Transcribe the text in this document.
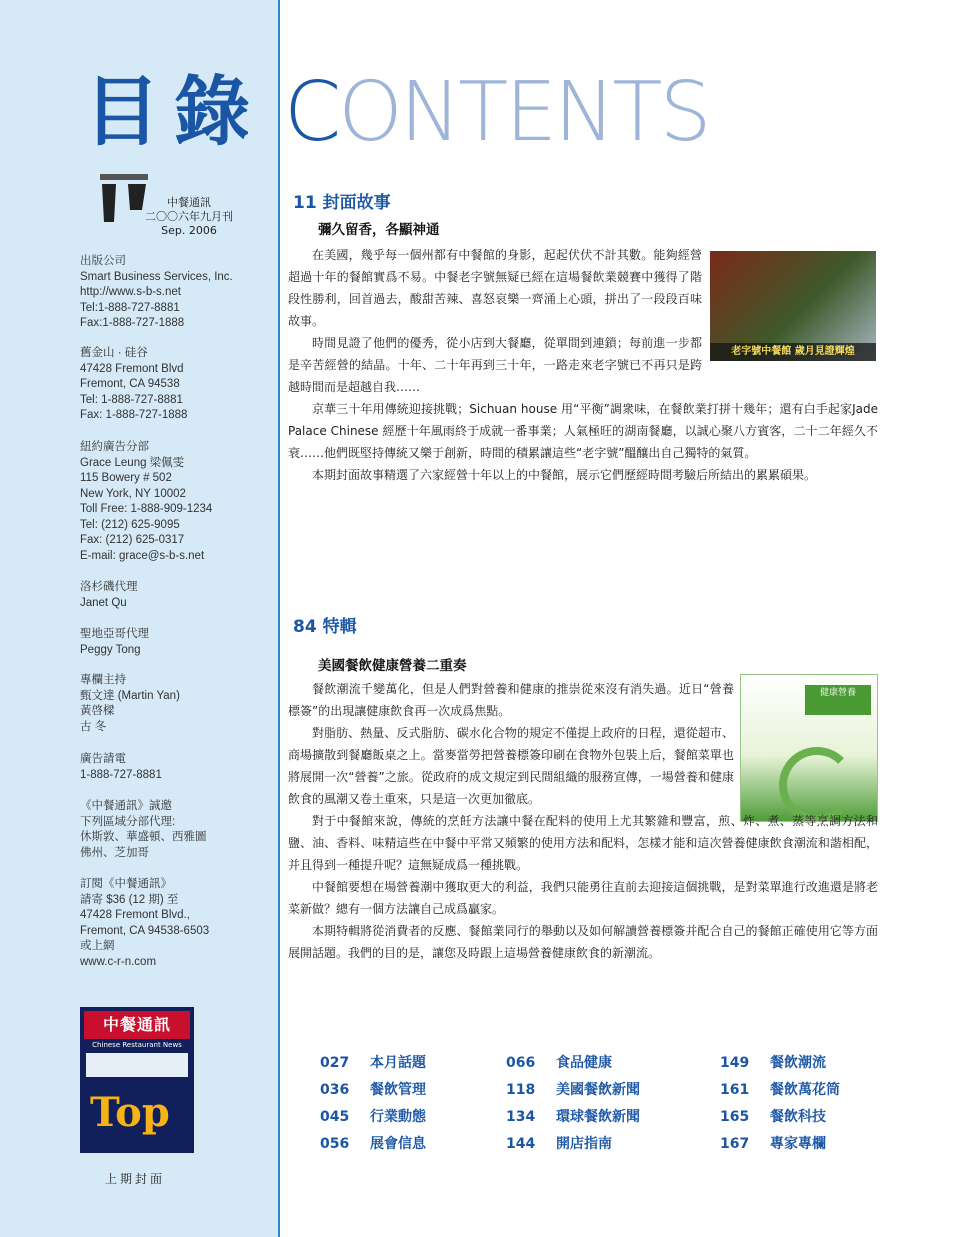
目 錄 CONTENTS
中餐通訊
二〇〇六年九月刊
Sep. 2006
出版公司
Smart Business Services, Inc.
http://www.s-b-s.net
Tel:1-888-727-8881
Fax:1-888-727-1888
舊金山 · 硅谷
47428 Fremont Blvd
Fremont, CA 94538
Tel: 1-888-727-8881
Fax: 1-888-727-1888
紐約廣告分部
Grace Leung 梁佩雯
115 Bowery # 502
New York, NY 10002
Toll Free: 1-888-909-1234
Tel: (212) 625-9095
Fax: (212) 625-0317
E-mail: grace@s-b-s.net
洛杉磯代理
Janet Qu
聖地亞哥代理
Peggy Tong
專欄主持
甄文達 (Martin Yan)
黃啓樑
古 冬
廣告請電
1-888-727-8881
《中餐通訊》誠邀
下列區域分部代理:
休斯敦、華盛頓、西雅圖
佛州、芝加哥
訂閱《中餐通訊》
請寄 $36 (12 期) 至
47428 Fremont Blvd.,
Fremont, CA 94538-6503
或上網
www.c-r-n.com
中餐通訊
Chinese Restaurant News
Top
上期封面
11 封面故事
彌久留香，各顯神通
老字號中餐館 歲月見證輝煌

在美國，幾乎每一個州都有中餐館的身影，起起伏伏不計其數。能夠經營超過十年的餐館實爲不易。中餐老字號無疑已經在這場餐飲業競賽中獲得了階段性勝利，回首過去，酸甜苦辣、喜怒哀樂一齊涌上心頭，拼出了一段段百味故事。

時間見證了他們的優秀，從小店到大餐廳，從單間到連鎖；每前進一步都是辛苦經營的結晶。十年、二十年再到三十年，一路走來老字號已不再只是跨越時間而是超越自我……

京華三十年用傳統迎接挑戰；Sichuan house 用“平衡”調衆味，在餐飲業打拼十幾年；還有白手起家Jade Palace Chinese 經歷十年風雨終于成就一番事業；人氣極旺的湖南餐廳，以誠心聚八方賓客，二十二年經久不衰……他們既堅持傳統又樂于創新，時間的積累讓這些“老字號”醞釀出自己獨特的氣質。

本期封面故事精選了六家經營十年以上的中餐館，展示它們歷經時間考驗后所結出的累累碩果。

84 特輯
美國餐飲健康營養二重奏
健康營養

餐飲潮流千變萬化，但是人們對營養和健康的推崇從來沒有消失過。近日“營養標簽”的出現讓健康飲食再一次成爲焦點。

對脂肪、熱量、反式脂肪、碳水化合物的規定不僅提上政府的日程，還從超市、商場擴散到餐廳飯桌之上。當麥當勞把營養標簽印刷在食物外包裝上后，餐館菜單也將展開一次“營養”之旅。從政府的成文規定到民間組織的服務宣傳，一場營養和健康飲食的風潮又卷土重來，只是這一次更加徹底。

對于中餐館來說，傳統的烹飪方法讓中餐在配料的使用上尤其繁雜和豐富，煎、炸、煮、蒸等烹調方法和鹽、油、香料、味精這些在中餐中平常又頻繁的使用方法和配料，怎樣才能和這次營養健康飲食潮流和諧相配，并且得到一種提升呢？這無疑成爲一種挑戰。

中餐館要想在場營養潮中獲取更大的利益，我們只能勇往直前去迎接這個挑戰，是對菜單進行改進還是將老菜新做？總有一個方法讓自己成爲贏家。

本期特輯將從消費者的反應、餐館業同行的舉動以及如何解讀營養標簽并配合自己的餐館正確使用它等方面展開話題。我們的目的是，讓您及時跟上這場營養健康飲食的新潮流。

027 本月話題
036 餐飲管理
045 行業動態
056 展會信息
066 食品健康
118 美國餐飲新聞
134 環球餐飲新聞
144 開店指南
149 餐飲潮流
161 餐飲萬花筒
165 餐飲科技
167 專家專欄
